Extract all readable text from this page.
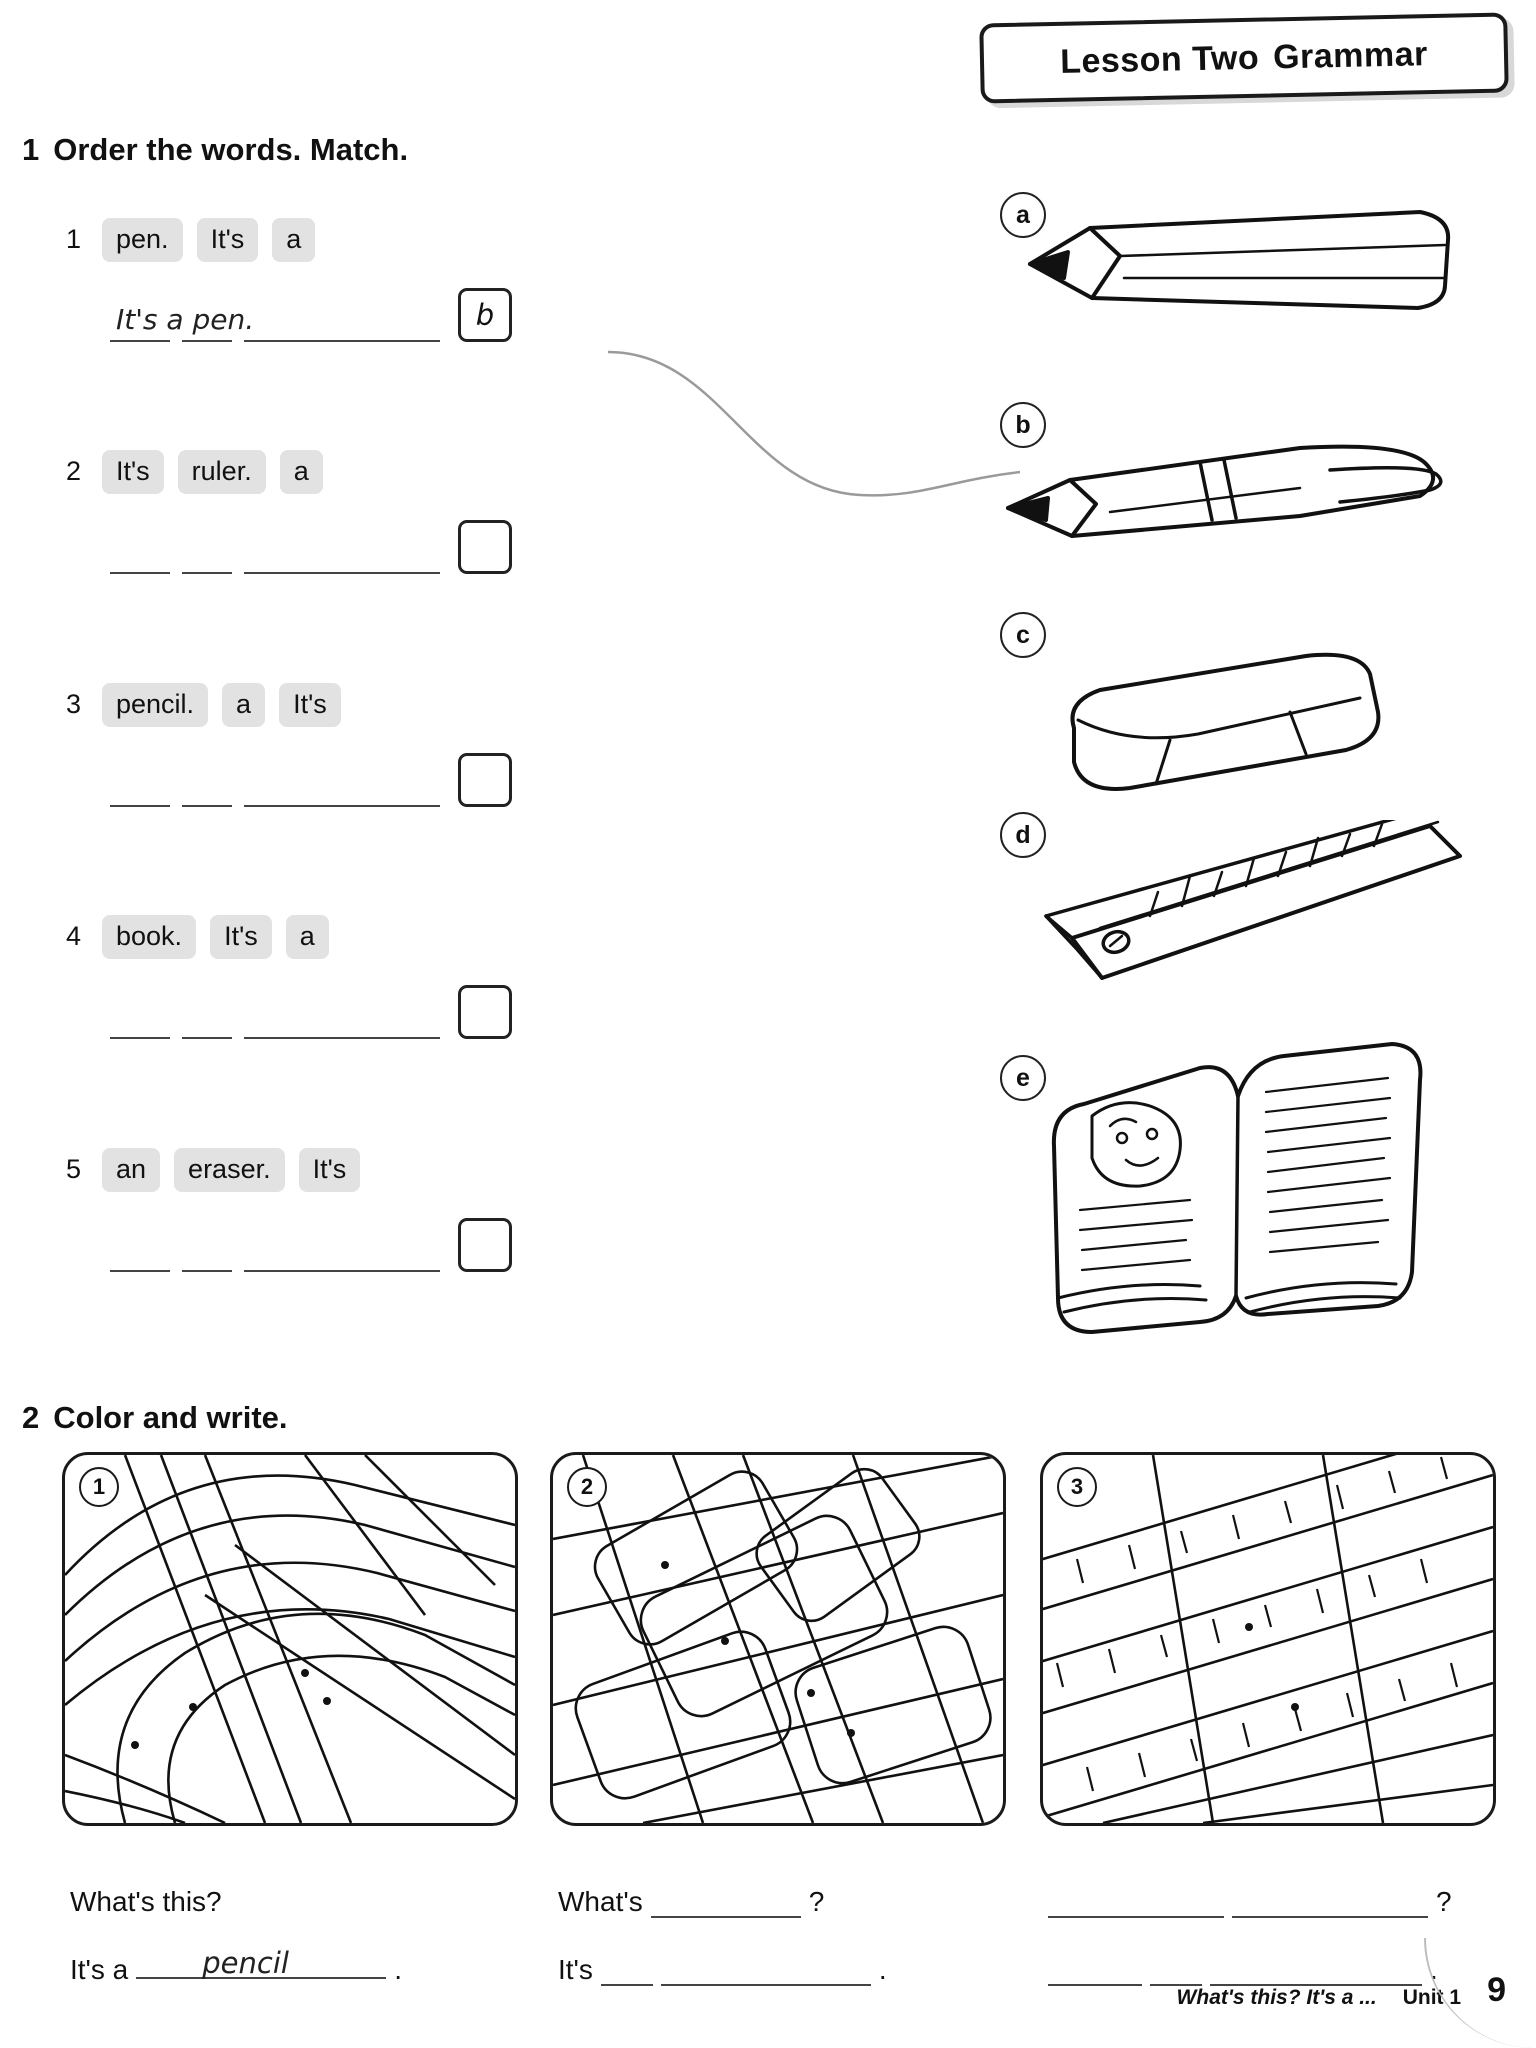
Lesson Two Grammar
1 Order the words. Match.
1	pen.	It's	a
It's a pen.	b
2	It's	ruler.	a
3	pencil.	a	It's
4	book.	It's	a
5	an	eraser.	It's
a
b
c
d
e
2 Color and write.
1	2	3
What's this?
It's a	pencil	.
What's	?
It's	.
?
.
What's this? It's a ... Unit 1 9
